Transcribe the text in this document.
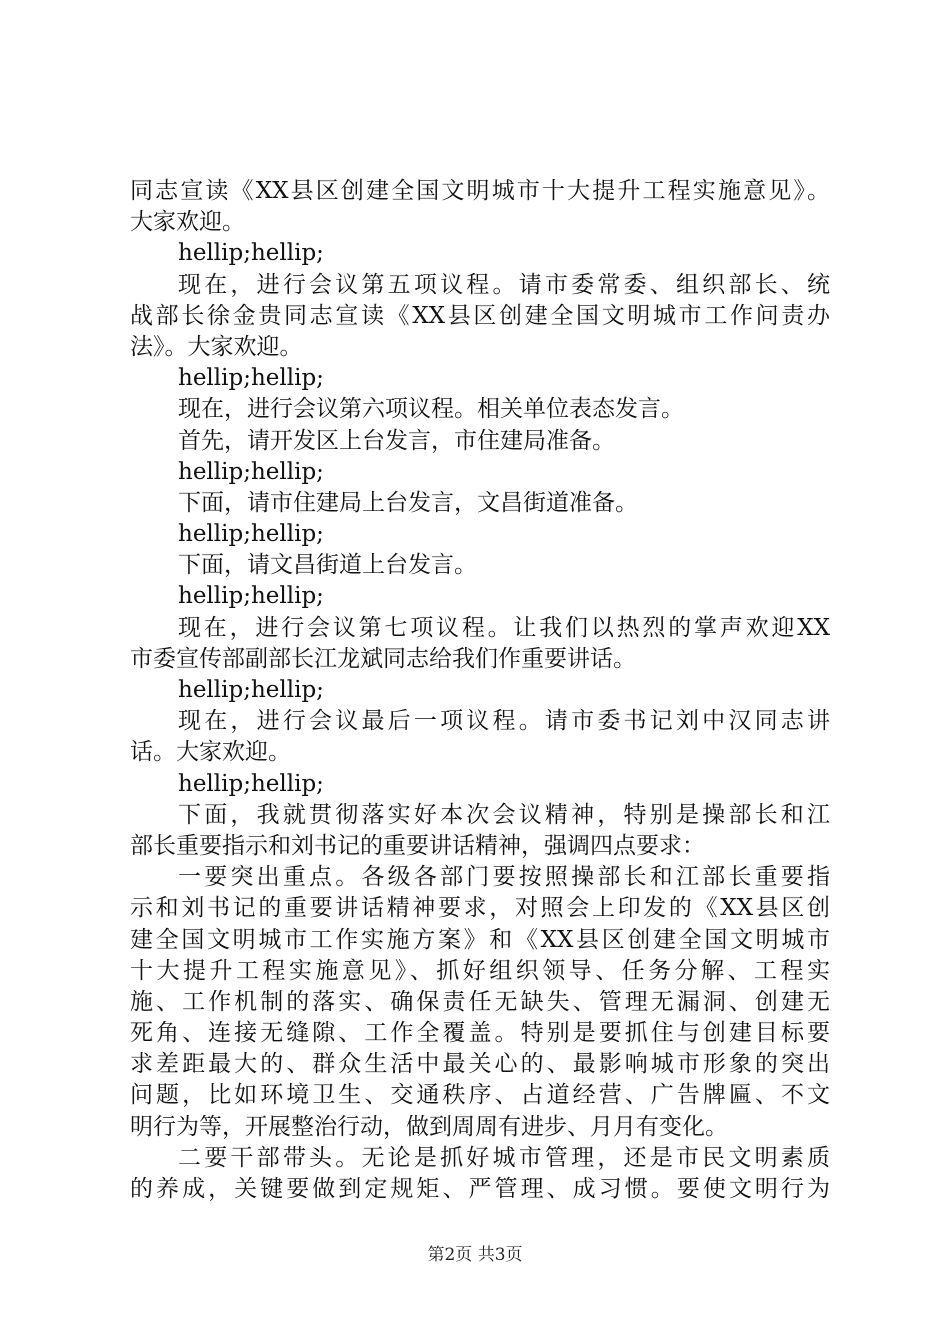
同志宣读《XX县区创建全国文明城市十大提升工程实施意见》。
大家欢迎。
hellip;hellip;
现在，进行会议第五项议程。请市委常委、组织部长、统
战部长徐金贵同志宣读《XX县区创建全国文明城市工作问责办
法》。大家欢迎。
hellip;hellip;
现在，进行会议第六项议程。相关单位表态发言。
首先，请开发区上台发言，市住建局准备。
hellip;hellip;
下面，请市住建局上台发言，文昌街道准备。
hellip;hellip;
下面，请文昌街道上台发言。
hellip;hellip;
现在，进行会议第七项议程。让我们以热烈的掌声欢迎XX
市委宣传部副部长江龙斌同志给我们作重要讲话。
hellip;hellip;
现在，进行会议最后一项议程。请市委书记刘中汉同志讲
话。大家欢迎。
hellip;hellip;
下面，我就贯彻落实好本次会议精神，特别是操部长和江
部长重要指示和刘书记的重要讲话精神，强调四点要求：
一要突出重点。各级各部门要按照操部长和江部长重要指
示和刘书记的重要讲话精神要求，对照会上印发的《XX县区创
建全国文明城市工作实施方案》和《XX县区创建全国文明城市
十大提升工程实施意见》、抓好组织领导、任务分解、工程实
施、工作机制的落实、确保责任无缺失、管理无漏洞、创建无
死角、连接无缝隙、工作全覆盖。特别是要抓住与创建目标要
求差距最大的、群众生活中最关心的、最影响城市形象的突出
问题，比如环境卫生、交通秩序、占道经营、广告牌匾、不文
明行为等，开展整治行动，做到周周有进步、月月有变化。
二要干部带头。无论是抓好城市管理，还是市民文明素质
的养成，关键要做到定规矩、严管理、成习惯。要使文明行为
第2页 共3页
